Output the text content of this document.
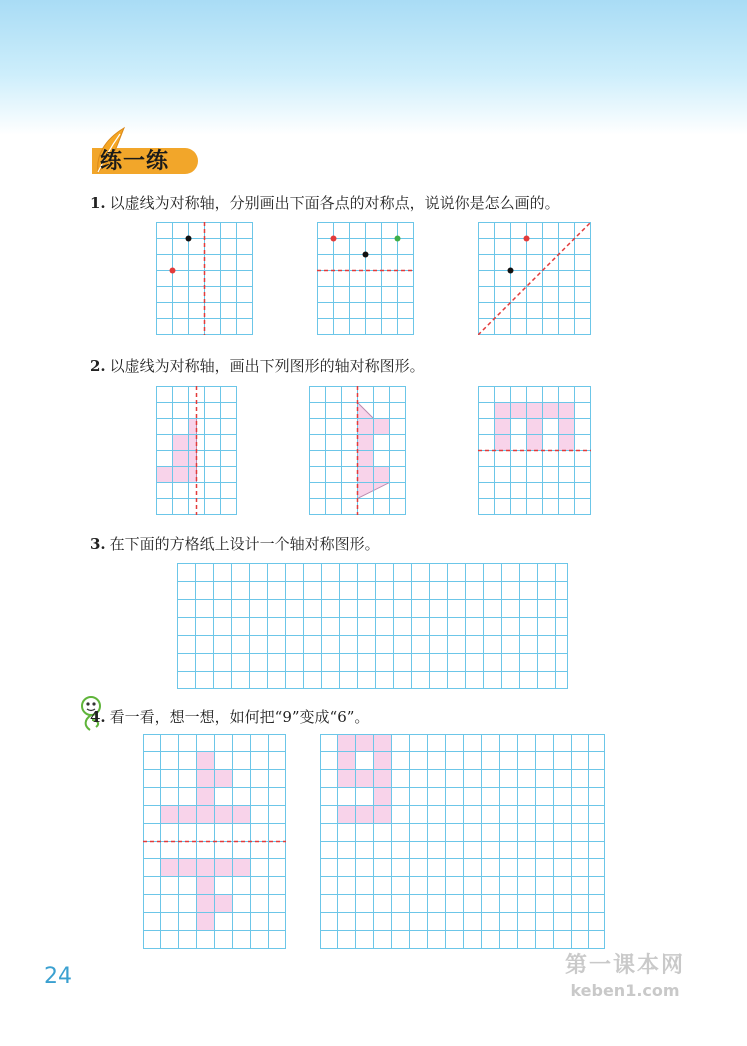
练一练
1. 以虚线为对称轴，分别画出下面各点的对称点，说说你是怎么画的。
2. 以虚线为对称轴，画出下列图形的轴对称图形。
3. 在下面的方格纸上设计一个轴对称图形。
4. 看一看，想一想，如何把“9”变成“6”。
24	第一课本网
keben1.com
